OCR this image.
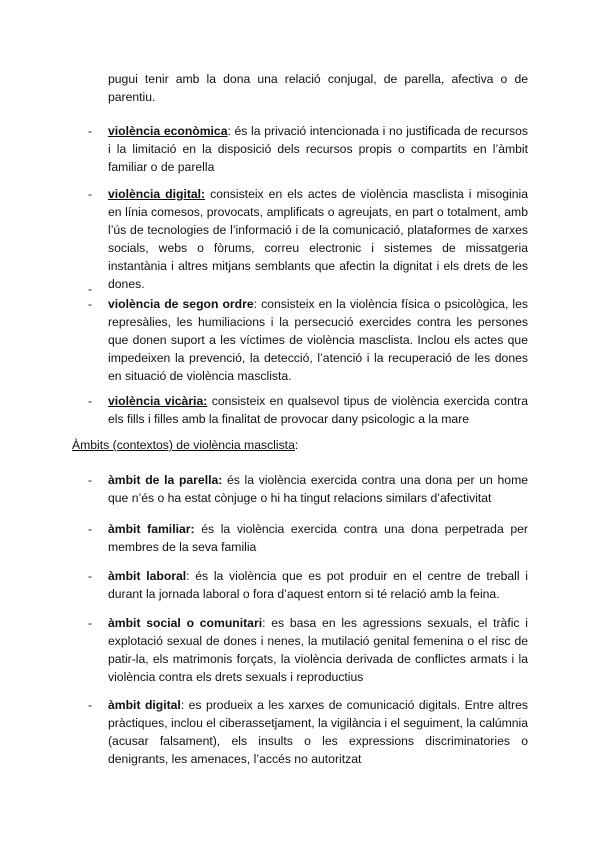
pugui tenir amb la dona una relació conjugal, de parella, afectiva o de parentiu.
- violència econòmica: és la privació intencionada i no justificada de recursos i la limitació en la disposició dels recursos propis o compartits en l’àmbit familiar o de parella
- violència digital: consisteix en els actes de violència masclista i misoginia en línia comesos, provocats, amplificats o agreujats, en part o totalment, amb l’ús de tecnologies de l’informació i de la comunicació, plataformes de xarxes socials, webs o fòrums, correu electronic i sistemes de missatgeria instantània i altres mitjans semblants que afectin la dignitat i els drets de les dones.
-
- violència de segon ordre: consisteix en la violència física o psicològica, les represàlies, les humiliacions i la persecució exercides contra les persones que donen suport a les víctimes de violència masclista. Inclou els actes que impedeixen la prevenció, la detecció, l’atenció i la recuperació de les dones en situació de violència masclista.
- violència vicària: consisteix en qualsevol tipus de violència exercida contra els fills i filles amb la finalitat de provocar dany psicologic a la mare
Àmbits (contextos) de violència masclista:
- àmbit de la parella: és la violència exercida contra una dona per un home que n’és o ha estat cònjuge o hi ha tingut relacions similars d’afectivitat
- àmbit familiar: és la violència exercida contra una dona perpetrada per membres de la seva familia
- àmbit laboral: és la violència que es pot produir en el centre de treball i durant la jornada laboral o fora d’aquest entorn si té relació amb la feina.
- àmbit social o comunitari: es basa en les agressions sexuals, el tràfic i explotació sexual de dones i nenes, la mutilació genital femenina o el risc de patir-la, els matrimonis forçats, la violència derivada de conflictes armats i la violència contra els drets sexuals i reproductius
- àmbit digital: es produeix a les xarxes de comunicació digitals. Entre altres pràctiques, inclou el ciberassetjament, la vigilància i el seguiment, la calúmnia (acusar falsament), els insults o les expressions discriminatories o denigrants, les amenaces, l’accés no autoritzat
